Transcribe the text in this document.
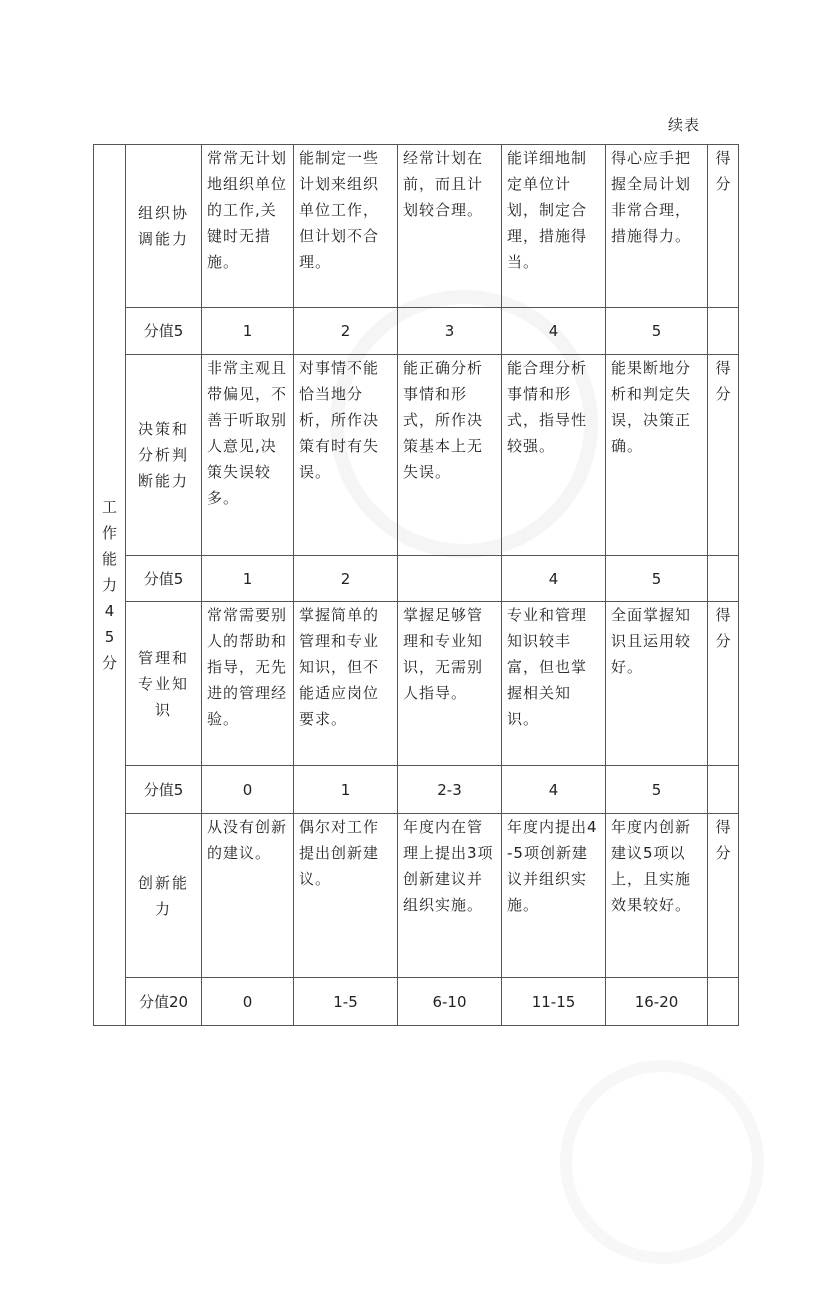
续表
工作能力45分	组织协调能力	常常无计划地组织单位的工作,关键时无措施。	能制定一些计划来组织单位工作，但计划不合理。	经常计划在前，而且计划较合理。	能详细地制定单位计划，制定合理，措施得当。	得心应手把握全局计划非常合理，措施得力。	得分
	分值5	1	2	3	4	5	
	决策和分析判断能力	非常主观且带偏见，不善于听取别人意见,决策失误较多。	对事情不能恰当地分析，所作决策有时有失误。	能正确分析事情和形式，所作决策基本上无失误。	能合理分析事情和形式，指导性较强。	能果断地分析和判定失误，决策正确。	得分
	分值5	1	2		4	5	
	管理和专业知识	常常需要别人的帮助和指导，无先进的管理经验。	掌握简单的管理和专业知识，但不能适应岗位要求。	掌握足够管理和专业知识，无需别人指导。	专业和管理知识较丰富，但也掌握相关知识。	全面掌握知识且运用较好。	得分
	分值5	0	1	2-3	4	5	
	创新能力	从没有创新的建议。	偶尔对工作提出创新建议。	年度内在管理上提出3项创新建议并组织实施。	年度内提出4-5项创新建议并组织实施。	年度内创新建议5项以上，且实施效果较好。	得分
	分值20	0	1-5	6-10	11-15	16-20	
